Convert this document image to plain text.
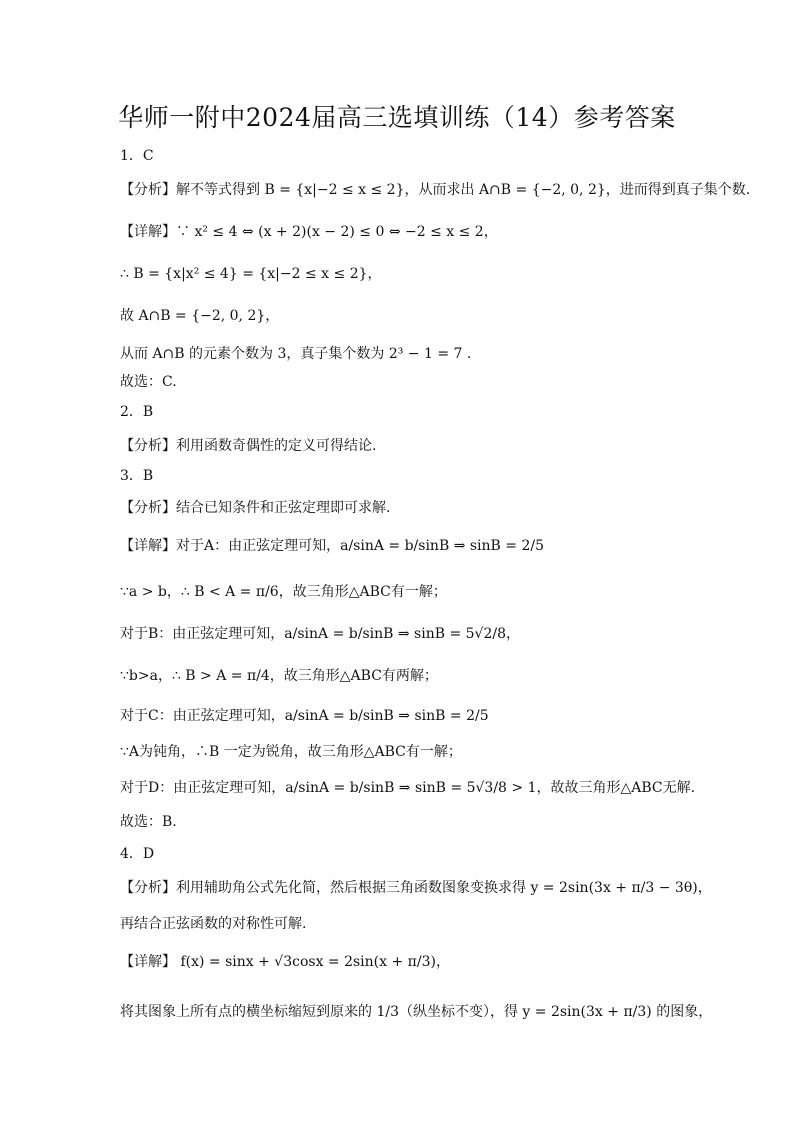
华师一附中2024届高三选填训练（14）参考答案
1．C
【分析】解不等式得到 B = {x|−2 ≤ x ≤ 2}，从而求出 A∩B = {−2, 0, 2}，进而得到真子集个数.
【详解】∵ x² ≤ 4 ⇔ (x + 2)(x − 2) ≤ 0 ⇔ −2 ≤ x ≤ 2，
∴ B = {x|x² ≤ 4} = {x|−2 ≤ x ≤ 2}，
故 A∩B = {−2, 0, 2}，
从而 A∩B 的元素个数为 3，真子集个数为 2³ − 1 = 7 .
故选：C.
2．B
【分析】利用函数奇偶性的定义可得结论.
3．B
【分析】结合已知条件和正弦定理即可求解.
【详解】对于A：由正弦定理可知，a/sinA = b/sinB ⇒ sinB = 2/5
∵a > b，∴ B < A = π/6，故三角形△ABC有一解；
对于B：由正弦定理可知，a/sinA = b/sinB ⇒ sinB = 5√2/8，
∵b>a，∴ B > A = π/4，故三角形△ABC有两解；
对于C：由正弦定理可知，a/sinA = b/sinB ⇒ sinB = 2/5
∵A为钝角，∴B 一定为锐角，故三角形△ABC有一解；
对于D：由正弦定理可知，a/sinA = b/sinB ⇒ sinB = 5√3/8 > 1，故故三角形△ABC无解.
故选：B.
4．D
【分析】利用辅助角公式先化简，然后根据三角函数图象变换求得 y = 2sin(3x + π/3 − 3θ)，
再结合正弦函数的对称性可解.
【详解】 f(x) = sinx + √3cosx = 2sin(x + π/3)，
将其图象上所有点的横坐标缩短到原来的 1/3（纵坐标不变），得 y = 2sin(3x + π/3) 的图象，
